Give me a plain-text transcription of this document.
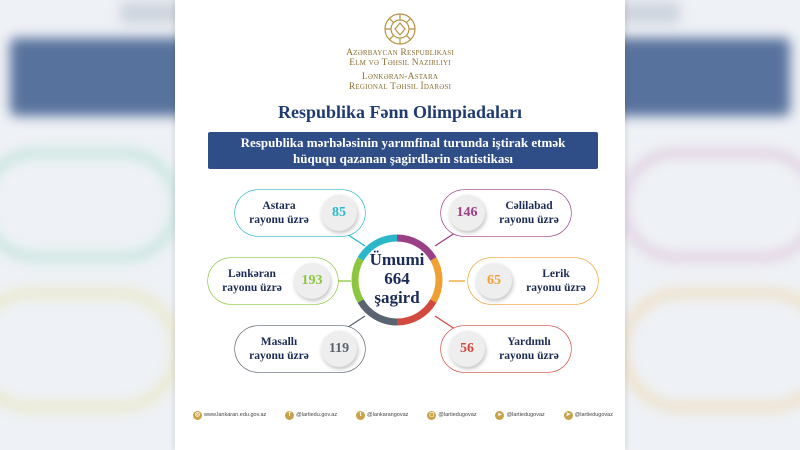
Azərbaycan Respublikası
Elm və Təhsil Nazirliyi
Lənkəran-Astara
Regional Təhsil İdarəsi
Respublika Fənn Olimpiadaları
Respublika mərhələsinin yarımfinal turunda iştirak etmək
hüququ qazanan şagirdlərin statistikası
Ümumi
664
şagird
Astara
rayonu üzrə	85
Lənkəran
rayonu üzrə	193
Masallı
rayonu üzrə	119
146	Cəlilabad
rayonu üzrə
65	Lerik
rayonu üzrə
56	Yardımlı
rayonu üzrə
◎ www.lankaran.edu.gov.az	f	@lartiedu.gov.az	t	@lankarangovaz	◻ @lartiedugovaz	▸ @lartiedugovaz	➤ @lartiedugovaz
